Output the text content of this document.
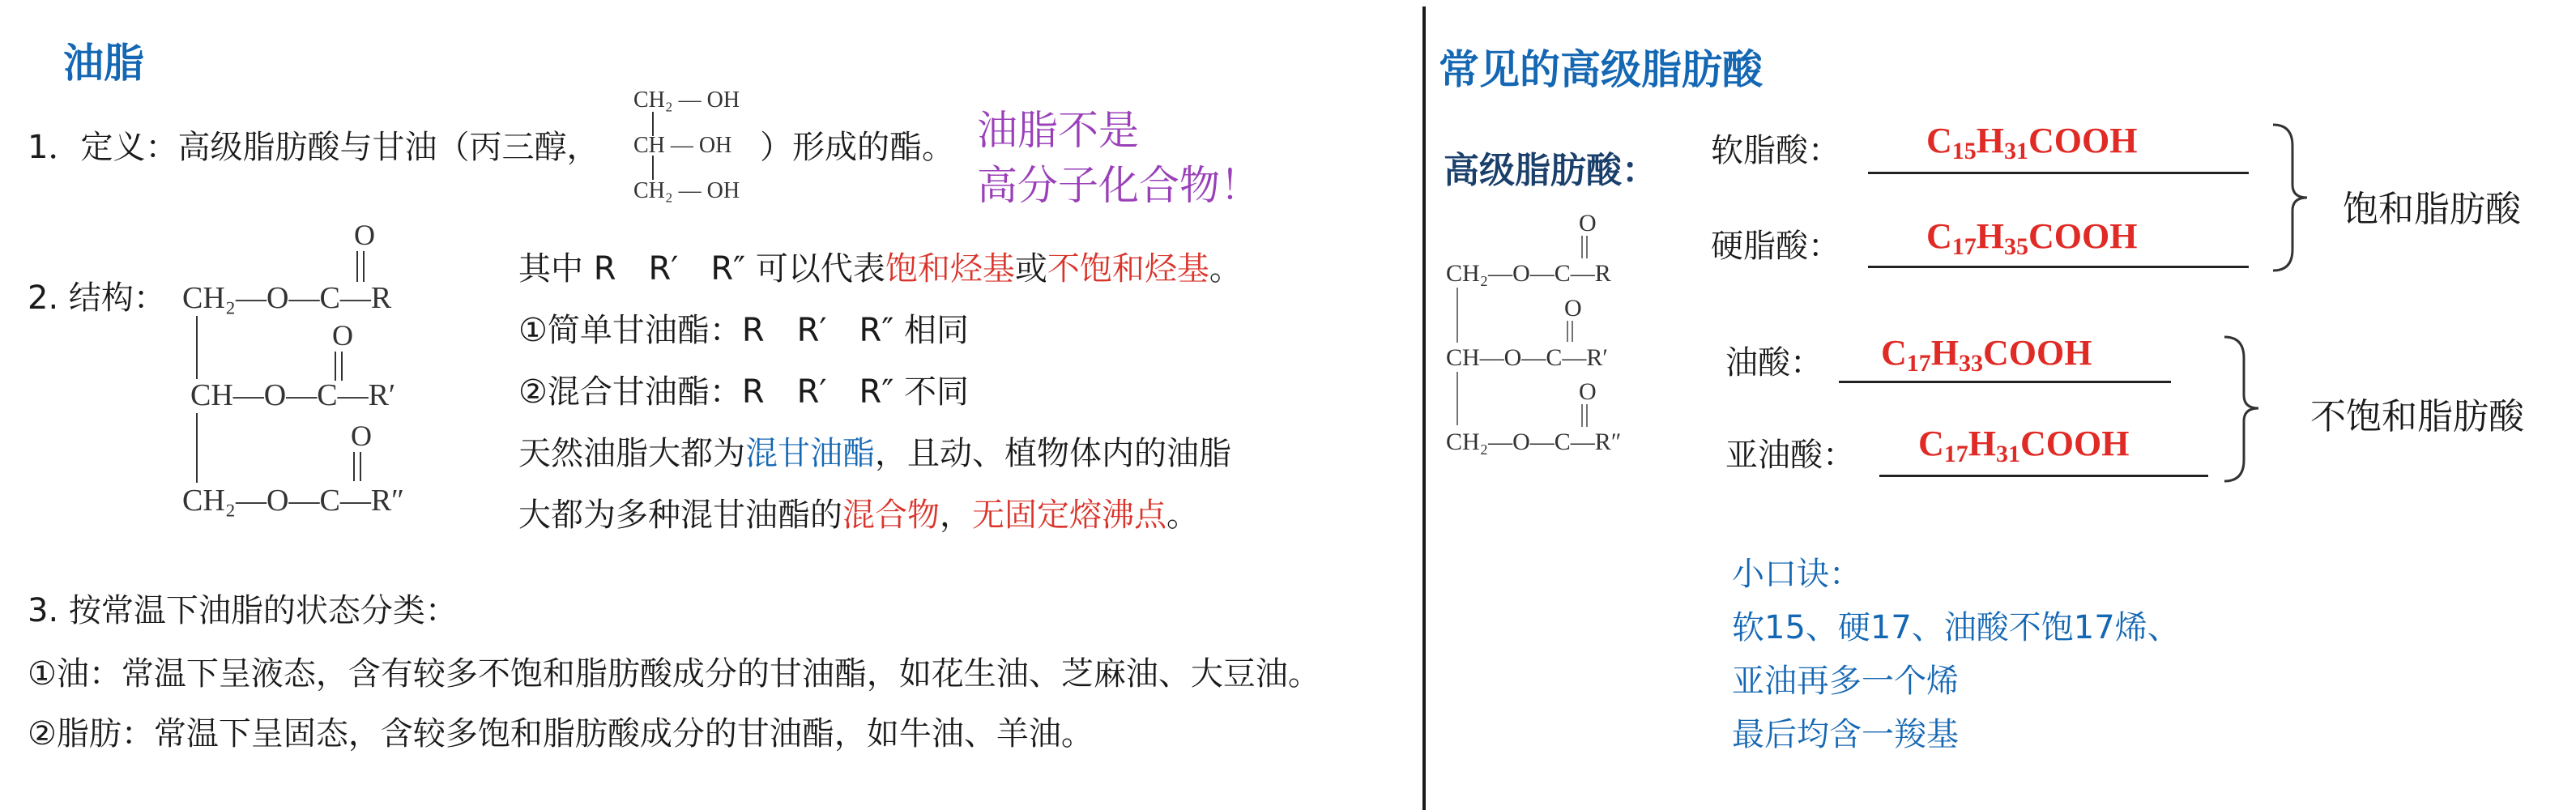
油脂
1．定义：高级脂肪酸与甘油（丙三醇，
CH₂ — OH
CH — OH
CH₂ — OH
）形成的酯。 油脂不是
高分子化合物！
2. 结构：
O
CH₂—O—C—R
O
CH—O—C—R′
O
CH₂—O—C—R″
其中 R　R′　R″ 可以代表饱和烃基或不饱和烃基。
①简单甘油酯：R　R′　R″ 相同
②混合甘油酯：R　R′　R″ 不同
天然油脂大都为混甘油酯，且动、植物体内的油脂
大都为多种混甘油酯的混合物，无固定熔沸点。
3. 按常温下油脂的状态分类：
①油：常温下呈液态，含有较多不饱和脂肪酸成分的甘油酯，如花生油、芝麻油、大豆油。
②脂肪：常温下呈固态，含较多饱和脂肪酸成分的甘油酯，如牛油、羊油。
常见的高级脂肪酸
高级脂肪酸：
O
CH₂—O—C—R
O
CH—O—C—R′
O
CH₂—O—C—R″
软脂酸： $C_{15}H_{31}COOH$
硬脂酸： $C_{17}H_{35}COOH$
油酸： $C_{17}H_{33}COOH$
亚油酸： $C_{17}H_{31}COOH$
饱和脂肪酸
不饱和脂肪酸
小口诀：
软15、硬17、油酸不饱17烯、
亚油再多一个烯
最后均含一羧基
